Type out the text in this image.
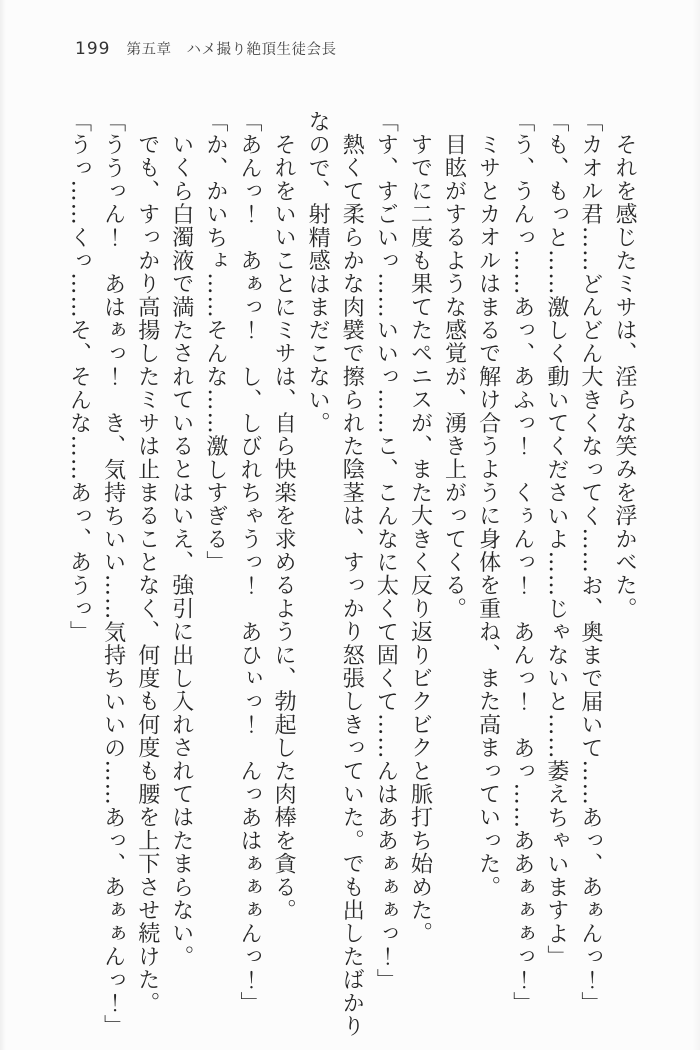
199 第五章　ハメ撮り絶頂生徒会長

それを感じたミサは、淫らな笑みを浮かべた。

「カオル君……どんどん大きくなってく……お、奥まで届いて……あっ、あぁんっ！」

「も、もっと……激しく動いてくださいよ……じゃないと……萎えちゃいますよ」

「う、うんっ……あっ、あふっ！　くぅんっ！　あんっ！　あっ……ああぁぁぁっ！」

ミサとカオルはまるで解け合うように身体を重ね、また高まっていった。

目眩がするような感覚が、湧き上がってくる。

すでに二度も果てたペニスが、また大きく反り返りビクビクと脈打ち始めた。

「す、すごいっ……いいっ……こ、こんなに太くて固くて……んはああぁぁぁっ！」

熱くて柔らかな肉襞で擦られた陰茎は、すっかり怒張しきっていた。でも出したばかり

なので、射精感はまだこない。

それをいいことにミサは、自ら快楽を求めるように、勃起した肉棒を貪る。

「あんっ！　あぁっ！　し、しびれちゃうっ！　あひぃっ！　んっあはぁぁぁんっ！」

「か、かいちょ……そんな……激しすぎる」

いくら白濁液で満たされているとはいえ、強引に出し入れされてはたまらない。

でも、すっかり高揚したミサは止まることなく、何度も何度も腰を上下させ続けた。

「ううっん！　あはぁっ！　き、気持ちいい……気持ちいいの……あっ、あぁぁんっ！」

「うっ……くっ……そ、そんな……あっ、あうっ」
